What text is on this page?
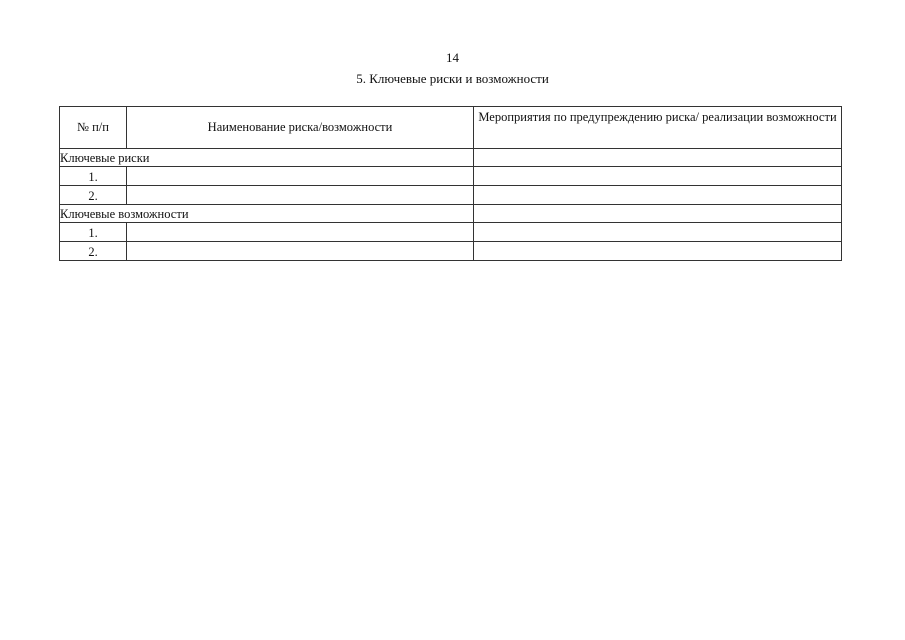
14
5. Ключевые риски и возможности
№ п/п	Наименование риска/возможности	Мероприятия по предупреждению риска/ реализации возможности
Ключевые риски		
1.		
2.		
Ключевые возможности		
1.		
2.		
